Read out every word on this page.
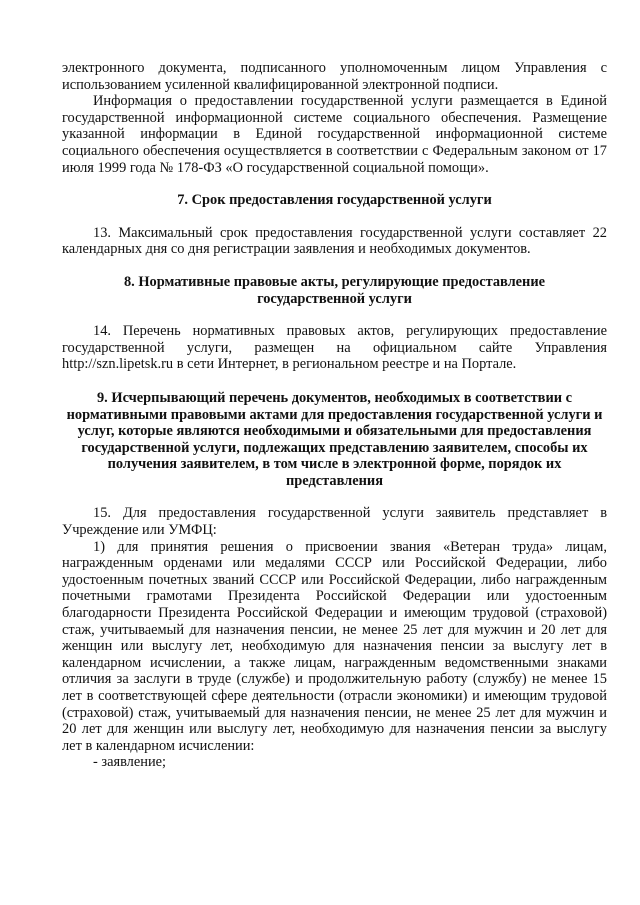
электронного документа, подписанного уполномоченным лицом Управления с использованием усиленной квалифицированной электронной подписи.

Информация о предоставлении государственной услуги размещается в Единой государственной информационной системе социального обеспечения. Размещение указанной информации в Единой государственной информационной системе социального обеспечения осуществляется в соответствии с Федеральным законом от 17 июля 1999 года № 178-ФЗ «О государственной социальной помощи».

7. Срок предоставления государственной услуги

13. Максимальный срок предоставления государственной услуги составляет 22 календарных дня со дня регистрации заявления и необходимых документов.

8. Нормативные правовые акты, регулирующие предоставление государственной услуги

14. Перечень нормативных правовых актов, регулирующих предоставление государственной услуги, размещен на официальном сайте Управления http://szn.lipetsk.ru в сети Интернет, в региональном реестре и на Портале.

9. Исчерпывающий перечень документов, необходимых в соответствии с нормативными правовыми актами для предоставления государственной услуги и услуг, которые являются необходимыми и обязательными для предоставления государственной услуги, подлежащих представлению заявителем, способы их получения заявителем, в том числе в электронной форме, порядок их представления

15. Для предоставления государственной услуги заявитель представляет в Учреждение или УМФЦ:

1) для принятия решения о присвоении звания «Ветеран труда» лицам, награжденным орденами или медалями СССР или Российской Федерации, либо удостоенным почетных званий СССР или Российской Федерации, либо награжденным почетными грамотами Президента Российской Федерации или удостоенным благодарности Президента Российской Федерации и имеющим трудовой (страховой) стаж, учитываемый для назначения пенсии, не менее 25 лет для мужчин и 20 лет для женщин или выслугу лет, необходимую для назначения пенсии за выслугу лет в календарном исчислении, а также лицам, награжденным ведомственными знаками отличия за заслуги в труде (службе) и продолжительную работу (службу) не менее 15 лет в соответствующей сфере деятельности (отрасли экономики) и имеющим трудовой (страховой) стаж, учитываемый для назначения пенсии, не менее 25 лет для мужчин и 20 лет для женщин или выслугу лет, необходимую для назначения пенсии за выслугу лет в календарном исчислении:

- заявление;
